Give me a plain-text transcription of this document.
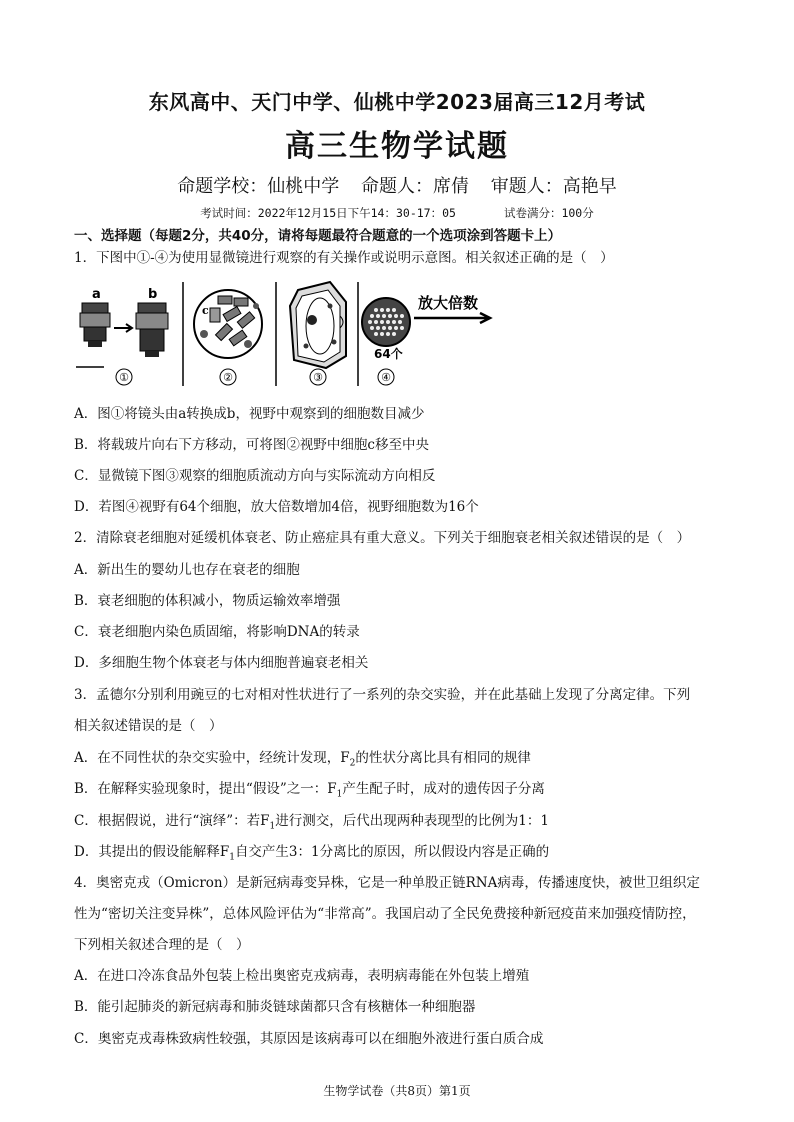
东风高中、天门中学、仙桃中学2023届高三12月考试
高三生物学试题
命题学校：仙桃中学 命题人：席倩 审题人：高艳早
考试时间：2022年12月15日下午14：30-17：05	试卷满分：100分
一、选择题（每题2分，共40分，请将每题最符合题意的一个选项涂到答题卡上）
1．下图中①-④为使用显微镜进行观察的有关操作或说明示意图。相关叙述正确的是（　）
a	b
①
c
②	③
64个
放大倍数
④
A．图①将镜头由a转换成b，视野中观察到的细胞数目减少
B．将载玻片向右下方移动，可将图②视野中细胞c移至中央
C．显微镜下图③观察的细胞质流动方向与实际流动方向相反
D．若图④视野有64个细胞，放大倍数增加4倍，视野细胞数为16个
2．清除衰老细胞对延缓机体衰老、防止癌症具有重大意义。下列关于细胞衰老相关叙述错误的是（　）
A．新出生的婴幼儿也存在衰老的细胞
B．衰老细胞的体积减小，物质运输效率增强
C．衰老细胞内染色质固缩，将影响DNA的转录
D．多细胞生物个体衰老与体内细胞普遍衰老相关
3．孟德尔分别利用豌豆的七对相对性状进行了一系列的杂交实验，并在此基础上发现了分离定律。下列
相关叙述错误的是（　）
A．在不同性状的杂交实验中，经统计发现，$F_2$的性状分离比具有相同的规律
B．在解释实验现象时，提出“假设”之一：$F_1$产生配子时，成对的遗传因子分离
C．根据假说，进行“演绎”：若$F_1$进行测交，后代出现两种表现型的比例为1：1
D．其提出的假设能解释$F_1$自交产生3：1分离比的原因，所以假设内容是正确的
4．奥密克戎（Omicron）是新冠病毒变异株，它是一种单股正链RNA病毒，传播速度快，被世卫组织定
性为“密切关注变异株”，总体风险评估为“非常高”。我国启动了全民免费接种新冠疫苗来加强疫情防控，
下列相关叙述合理的是（　）
A．在进口冷冻食品外包装上检出奥密克戎病毒，表明病毒能在外包装上增殖
B．能引起肺炎的新冠病毒和肺炎链球菌都只含有核糖体一种细胞器
C．奥密克戎毒株致病性较强，其原因是该病毒可以在细胞外液进行蛋白质合成
生物学试卷（共8页）第1页
